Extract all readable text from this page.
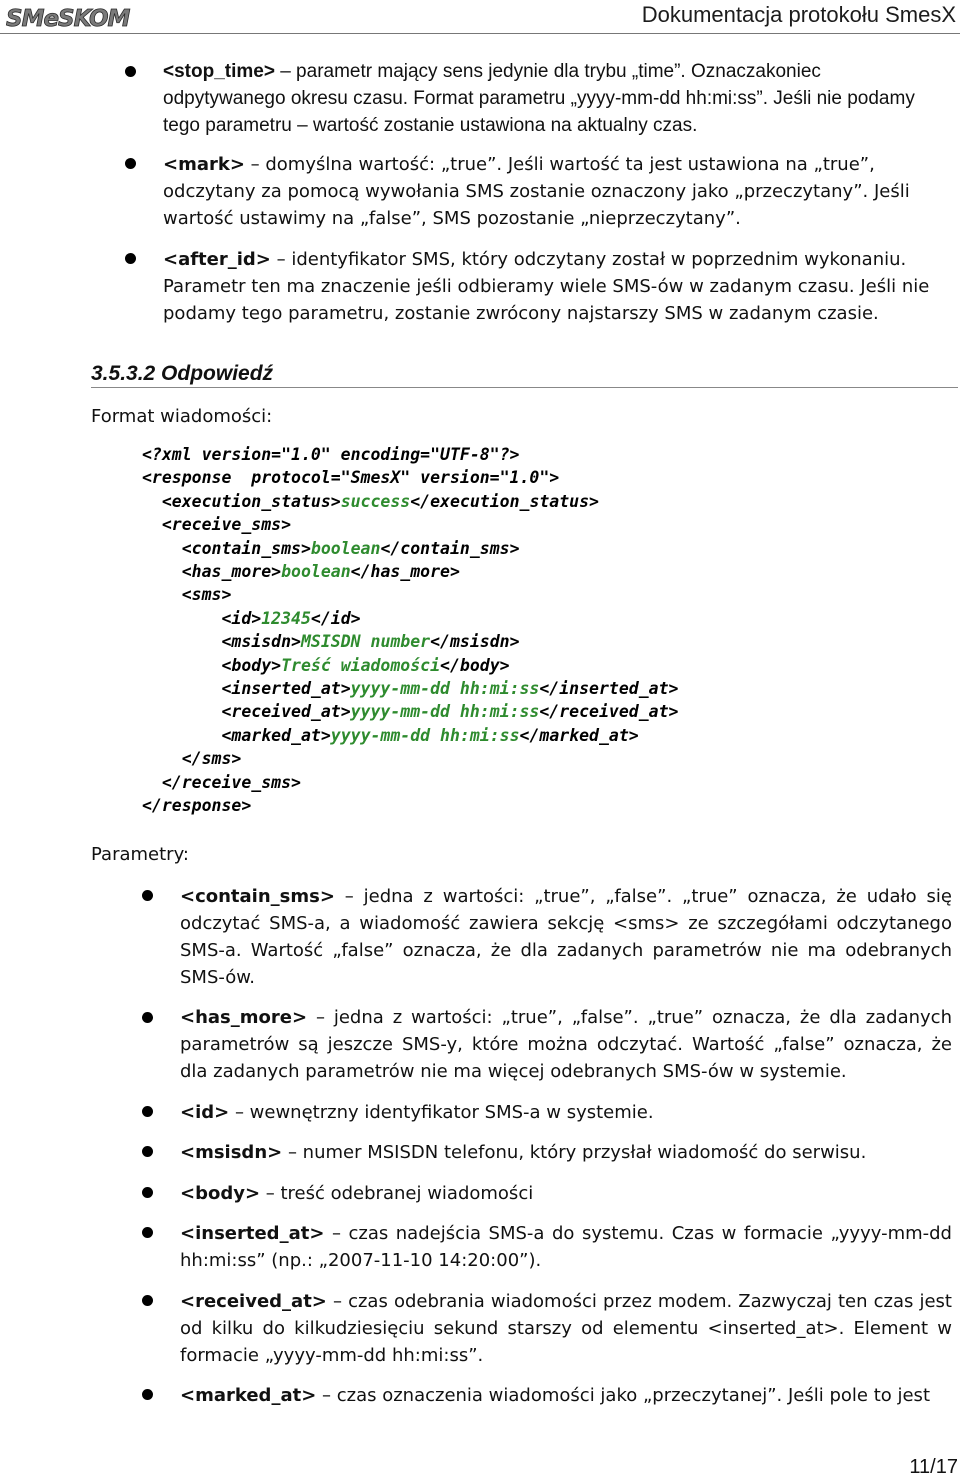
SMeSKOM	Dokumentacja protokołu SmesX
<stop_time> – parametr mający sens jedynie dla trybu „time”. Oznaczakoniec odpytywanego okresu czasu. Format parametru „yyyy-mm-dd hh:mi:ss”. Jeśli nie podamy tego parametru – wartość zostanie ustawiona na aktualny czas.
<mark> – domyślna wartość: „true”. Jeśli wartość ta jest ustawiona na „true”, odczytany za pomocą wywołania SMS zostanie oznaczony jako „przeczytany”. Jeśli wartość ustawimy na „false”, SMS pozostanie „nieprzeczytany”.
<after_id> – identyfikator SMS, który odczytany został w poprzednim wykonaniu. Parametr ten ma znaczenie jeśli odbieramy wiele SMS-ów w zadanym czasu. Jeśli nie podamy tego parametru, zostanie zwrócony najstarszy SMS w zadanym czasie.
3.5.3.2 Odpowiedź
Format wiadomości:
<?xml version="1.0" encoding="UTF-8"?>
<response  protocol="SmesX" version="1.0">
<execution_status>success</execution_status>
<receive_sms>
<contain_sms>boolean</contain_sms>
<has_more>boolean</has_more>
<sms>
<id>12345</id>
<msisdn>MSISDN number</msisdn>
<body>Treść wiadomości</body>
<inserted_at>yyyy-mm-dd hh:mi:ss</inserted_at>
<received_at>yyyy-mm-dd hh:mi:ss</received_at>
<marked_at>yyyy-mm-dd hh:mi:ss</marked_at>
</sms>
</receive_sms>
</response>
Parametry:
<contain_sms> – jedna z wartości: „true”, „false”. „true” oznacza, że udało się odczytać SMS-a, a wiadomość zawiera sekcję <sms> ze szczegółami odczytanego SMS-a. Wartość „false” oznacza, że dla zadanych parametrów nie ma odebranych SMS-ów.
<has_more> – jedna z wartości: „true”, „false”. „true” oznacza, że dla zadanych parametrów są jeszcze SMS-y, które można odczytać. Wartość „false” oznacza, że dla zadanych parametrów nie ma więcej odebranych SMS-ów w systemie.
<id> – wewnętrzny identyfikator SMS-a w systemie.
<msisdn> – numer MSISDN telefonu, który przysłał wiadomość do serwisu.
<body> – treść odebranej wiadomości
<inserted_at> – czas nadejścia SMS-a do systemu. Czas w formacie „yyyy-mm-dd hh:mi:ss” (np.: „2007-11-10 14:20:00”).
<received_at> – czas odebrania wiadomości przez modem. Zazwyczaj ten czas jest od kilku do kilkudziesięciu sekund starszy od elementu <inserted_at>. Element w formacie „yyyy-mm-dd hh:mi:ss”.
<marked_at> – czas oznaczenia wiadomości jako „przeczytanej”. Jeśli pole to jest
11/17
